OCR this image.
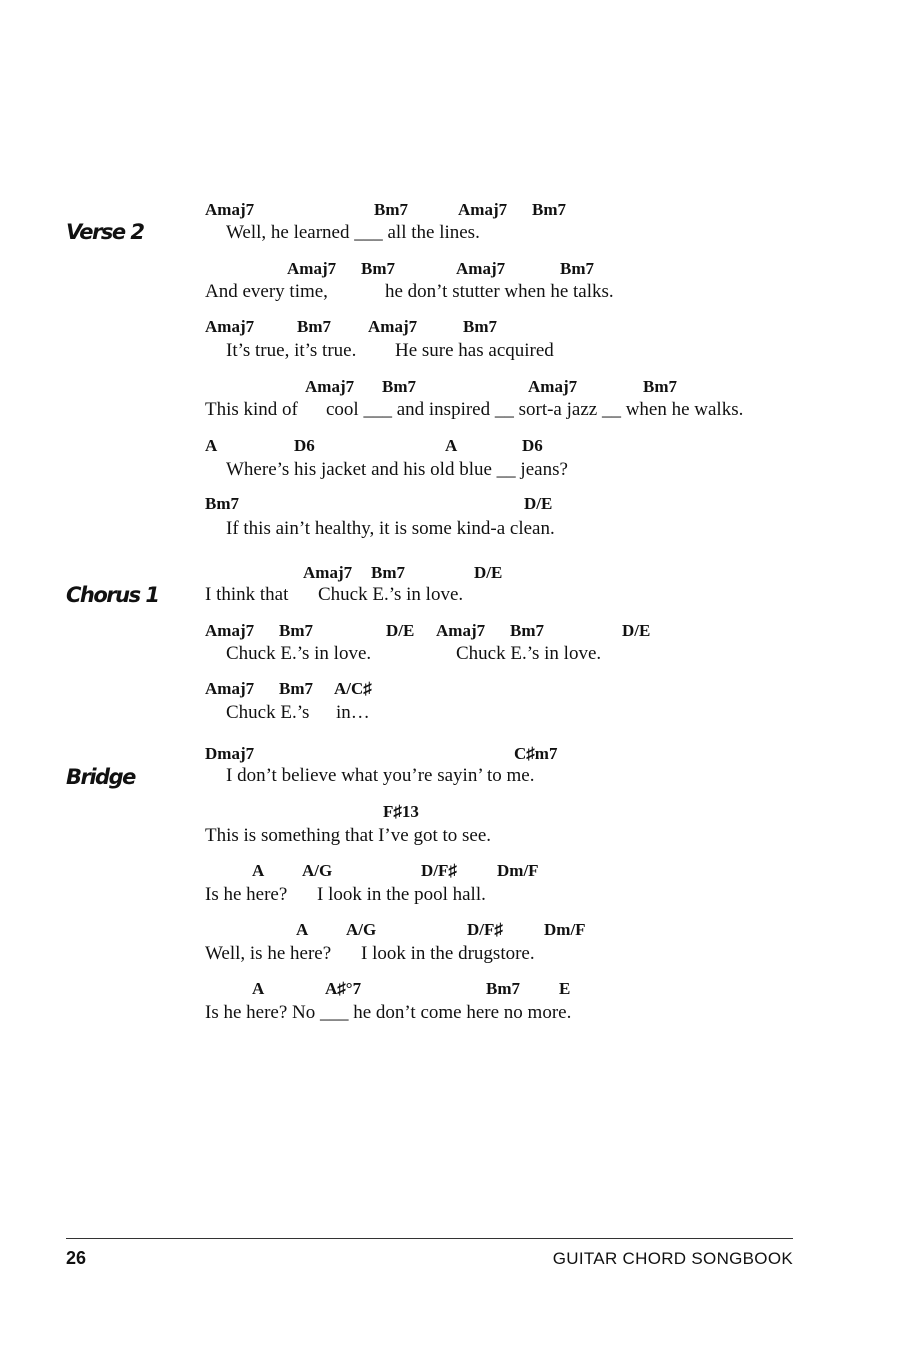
Verse 2
Chorus 1
Bridge
Amaj7	Bm7	Amaj7 Bm7
Well, he learned ___ all the lines.
Amaj7 Bm7	Amaj7	Bm7
And every time,	he don’t stutter when he talks.
Amaj7	Bm7 Amaj7	Bm7
It’s true, it’s true. He sure has acquired
Amaj7 Bm7	Amaj7	Bm7
This kind of cool ___ and inspired __ sort-a jazz __ when he walks.
A	D6	A	D6
Where’s his jacket and his old blue __ jeans?
Bm7	D/E
If this ain’t healthy, it is some kind-a clean.
Amaj7 Bm7	D/E
I think that Chuck E.’s in love.
Amaj7 Bm7	D/E Amaj7 Bm7	D/E
Chuck E.’s in love.	Chuck E.’s in love.
Amaj7 Bm7 A/C♯
Chuck E.’s in…
Dmaj7	C♯m7
I don’t believe what you’re sayin’ to me.
F♯13
This is something that I’ve got to see.
A A/G	D/F♯ Dm/F
Is he here? I look in the pool hall.
A A/G	D/F♯ Dm/F
Well, is he here? I look in the drugstore.
A	A♯°7	Bm7 E
Is he here? No ___ he don’t come here no more.
26	GUITAR CHORD SONGBOOK
